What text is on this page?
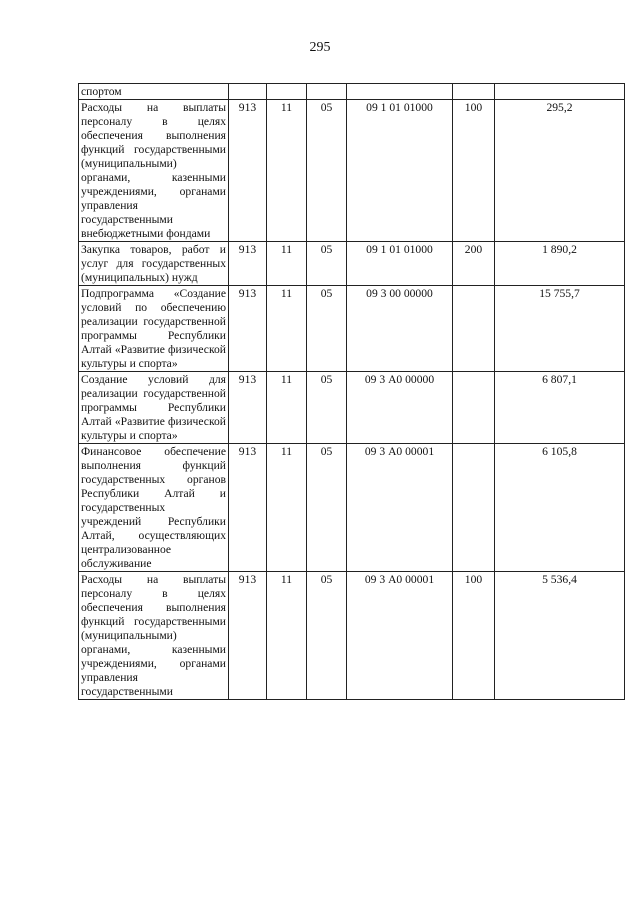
295
спортом						
Расходы на выплаты персоналу в целях обеспечения выполнения функций государственными (муниципальными) органами, казенными учреждениями, органами управления государственными внебюджетными фондами	913	11	05	09 1 01 01000	100	295,2
Закупка товаров, работ и услуг для государственных (муниципальных) нужд	913	11	05	09 1 01 01000	200	1 890,2
Подпрограмма «Создание условий по обеспечению реализации государственной программы Республики Алтай «Развитие физической культуры и спорта»	913	11	05	09 3 00 00000		15 755,7
Создание условий для реализации государственной программы Республики Алтай «Развитие физической культуры и спорта»	913	11	05	09 3 А0 00000		6 807,1
Финансовое обеспечение выполнения функций государственных органов Республики Алтай и государственных учреждений Республики Алтай, осуществляющих централизованное обслуживание	913	11	05	09 3 А0 00001		6 105,8
Расходы на выплаты персоналу в целях обеспечения выполнения функций государственными (муниципальными) органами, казенными учреждениями, органами управления государственными	913	11	05	09 3 А0 00001	100	5 536,4
